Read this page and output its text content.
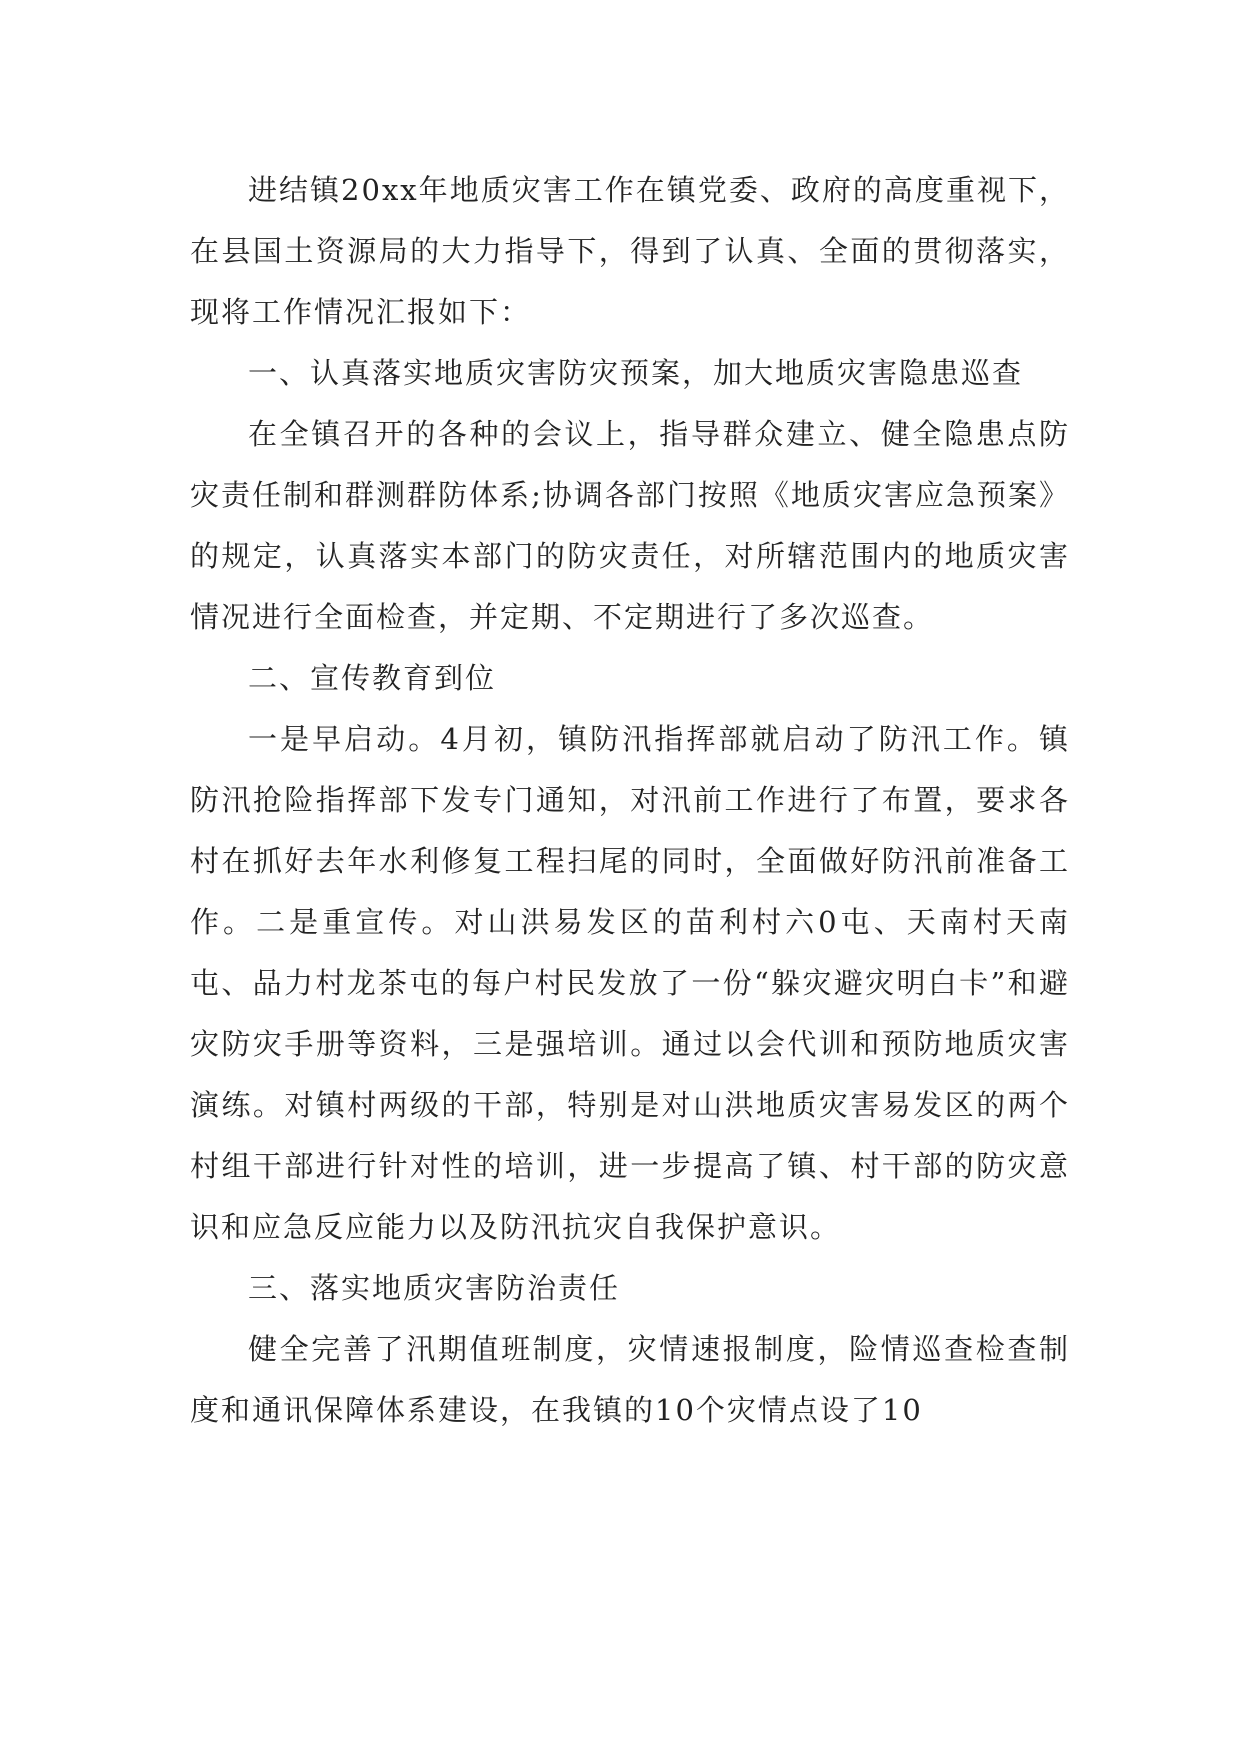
进结镇20xx年地质灾害工作在镇党委、政府的高度重视下，在县国土资源局的大力指导下，得到了认真、全面的贯彻落实，现将工作情况汇报如下：

一、认真落实地质灾害防灾预案，加大地质灾害隐患巡查

在全镇召开的各种的会议上，指导群众建立、健全隐患点防灾责任制和群测群防体系;协调各部门按照《地质灾害应急预案》的规定，认真落实本部门的防灾责任，对所辖范围内的地质灾害情况进行全面检查，并定期、不定期进行了多次巡查。

二、宣传教育到位

一是早启动。4月初，镇防汛指挥部就启动了防汛工作。镇防汛抢险指挥部下发专门通知，对汛前工作进行了布置，要求各村在抓好去年水利修复工程扫尾的同时，全面做好防汛前准备工作。二是重宣传。对山洪易发区的苗利村六0屯、天南村天南屯、品力村龙茶屯的每户村民发放了一份“躲灾避灾明白卡”和避灾防灾手册等资料，三是强培训。通过以会代训和预防地质灾害演练。对镇村两级的干部，特别是对山洪地质灾害易发区的两个村组干部进行针对性的培训，进一步提高了镇、村干部的防灾意识和应急反应能力以及防汛抗灾自我保护意识。

三、落实地质灾害防治责任

健全完善了汛期值班制度，灾情速报制度，险情巡查检查制度和通讯保障体系建设，在我镇的10个灾情点设了10
